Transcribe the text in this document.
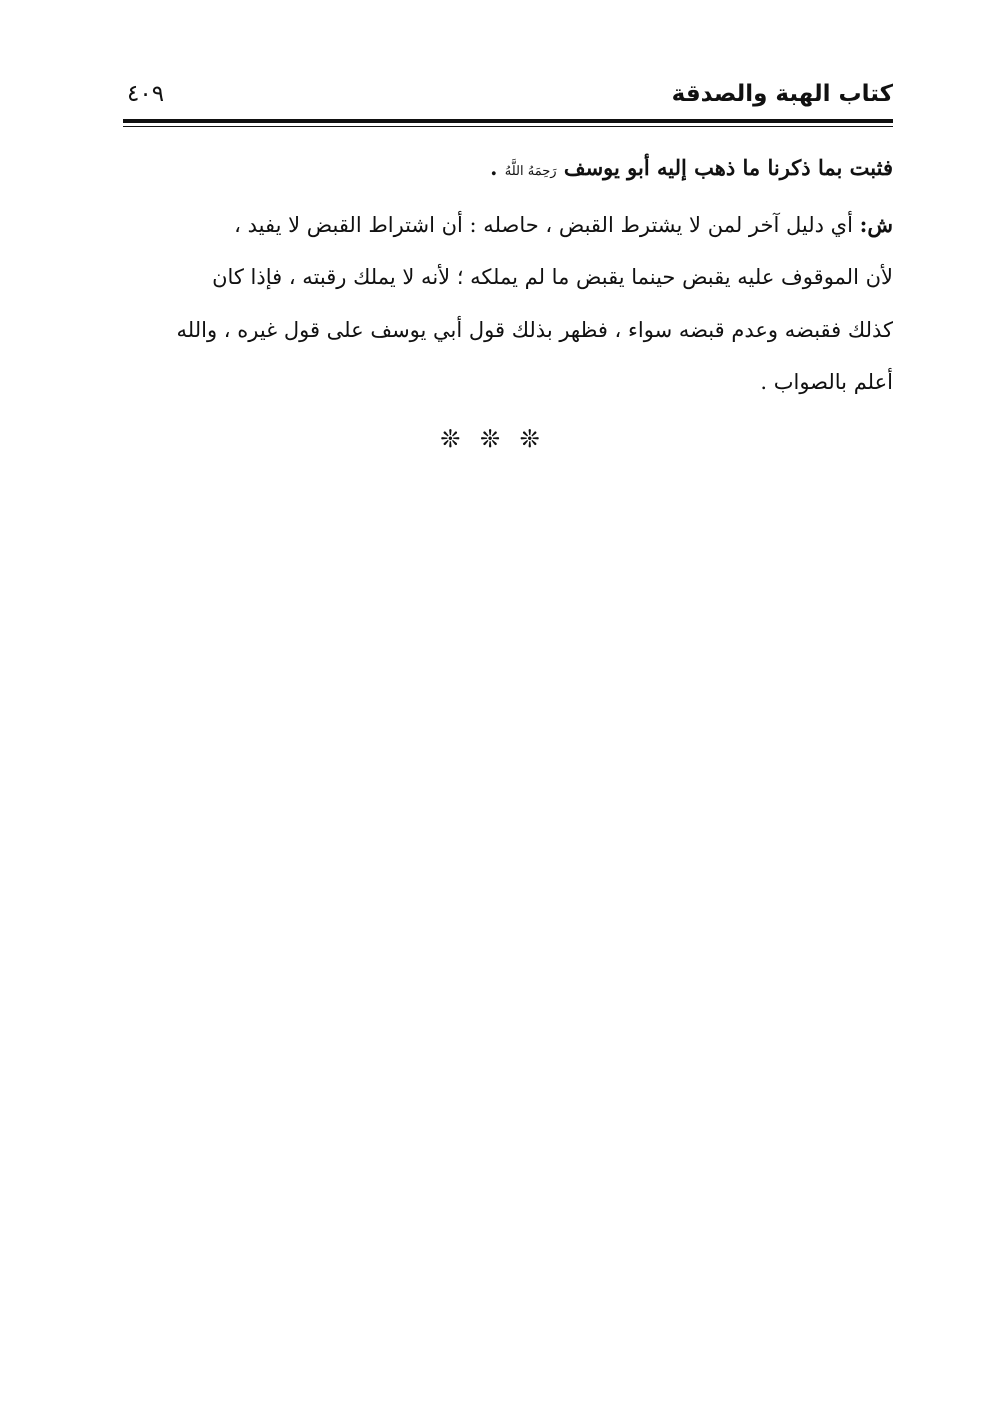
كتاب الهبة والصدقة
٤٠٩
فثبت بما ذكرنا ما ذهب إليه أبو يوسف رَحِمَهُ اللَّهُ .
ش: أي دليل آخر لمن لا يشترط القبض ، حاصله : أن اشتراط القبض لا يفيد ،
لأن الموقوف عليه يقبض حينما يقبض ما لم يملكه ؛ لأنه لا يملك رقبته ، فإذا كان
كذلك فقبضه وعدم قبضه سواء ، فظهر بذلك قول أبي يوسف على قول غيره ، والله
أعلم بالصواب .
❊ ❊ ❊
